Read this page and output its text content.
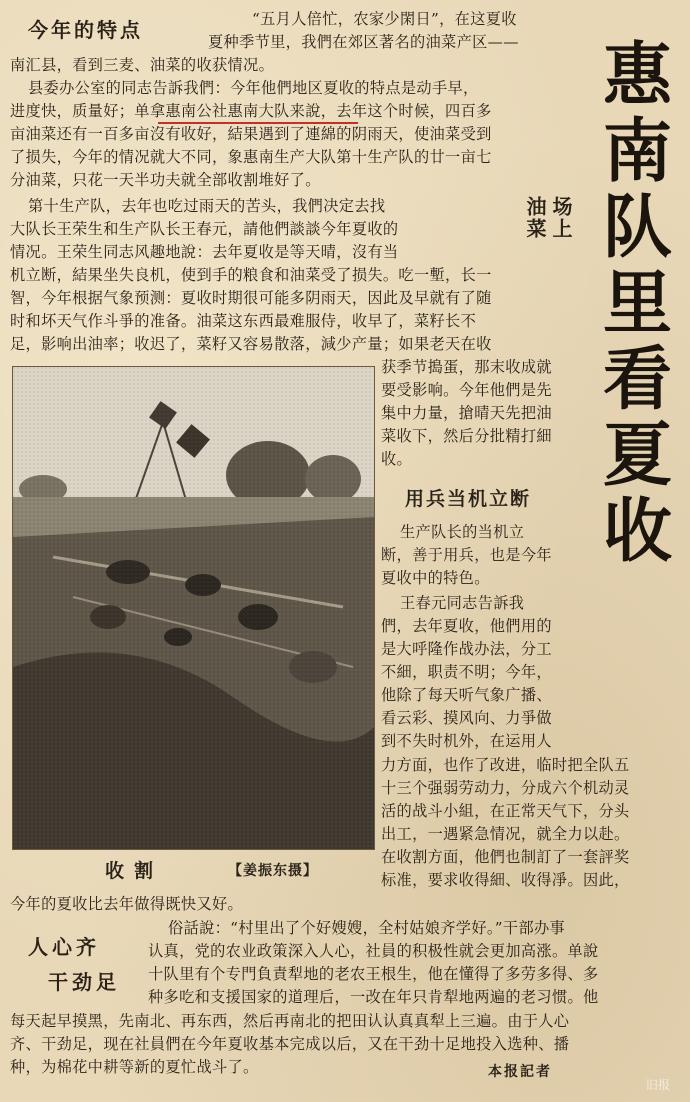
惠南队里看夏收
今年的特点	“五月人倍忙，农家少閑日”，在这夏收
夏种季节里，我們在郊区著名的油菜产区——
南汇县，看到三麦、油菜的收获情况。
县委办公室的同志告訴我們：今年他們地区夏收的特点是动手早，
进度快，质量好；单拿惠南公社惠南大队来說，去年这个时候，四百多
亩油菜还有一百多亩沒有收好，結果遇到了連綿的阴雨天，使油菜受到
了损失，今年的情况就大不同，象惠南生产大队第十生产队的廿一亩七
分油菜，只花一天半功夫就全部收割堆好了。
场上油菜
第十生产队，去年也吃过雨天的苦头，我們决定去找
大队长王荣生和生产队长王春元，請他們談談今年夏收的
情况。王荣生同志风趣地說：去年夏收是等天晴，沒有当
机立断，結果坐失良机，使到手的粮食和油菜受了损失。吃一塹，长一
智，今年根据气象预测：夏收时期很可能多阴雨天，因此及早就有了随
时和坏天气作斗爭的准备。油菜这东西最难服侍，收早了，菜籽长不
足，影响出油率；收迟了，菜籽又容易散落，減少产量；如果老天在收
收割	【姜振东摄】
获季节搗蛋，那末收成就
要受影响。今年他們是先
集中力量，搶晴天先把油
菜收下，然后分批精打細
收。
用兵当机立断
生产队长的当机立
断，善于用兵，也是今年
夏收中的特色。
王春元同志告訴我
們，去年夏收，他們用的
是大呼隆作战办法，分工
不細，职责不明；今年，
他除了每天听气象广播、
看云彩、摸风向、力爭做
到不失时机外，在运用人
力方面，也作了改进，临时把全队五
十三个强弱劳动力，分成六个机动灵
活的战斗小組，在正常天气下，分头
出工，一遇紧急情况，就全力以赴。
在收割方面，他們也制訂了一套評奖
标准，要求收得細、收得凈。因此，
今年的夏收比去年做得既快又好。
人心齐
干劲足
俗話說：“村里出了个好嫂嫂，全村姑娘齐学好。”干部办事
认真，党的农业政策深入人心，社員的积极性就会更加高涨。单說
十队里有个专門負責犁地的老农王根生，他在懂得了多劳多得、多
种多吃和支援国家的道理后，一改在年只肯犁地两遍的老习惯。他
每天起早摸黑，先南北、再东西，然后再南北的把田认认真真犁上三遍。由于人心
齐、干劲足，现在社員們在今年夏收基本完成以后，又在干劲十足地投入选种、播
种，为棉花中耕等新的夏忙战斗了。	本报記者
旧报
